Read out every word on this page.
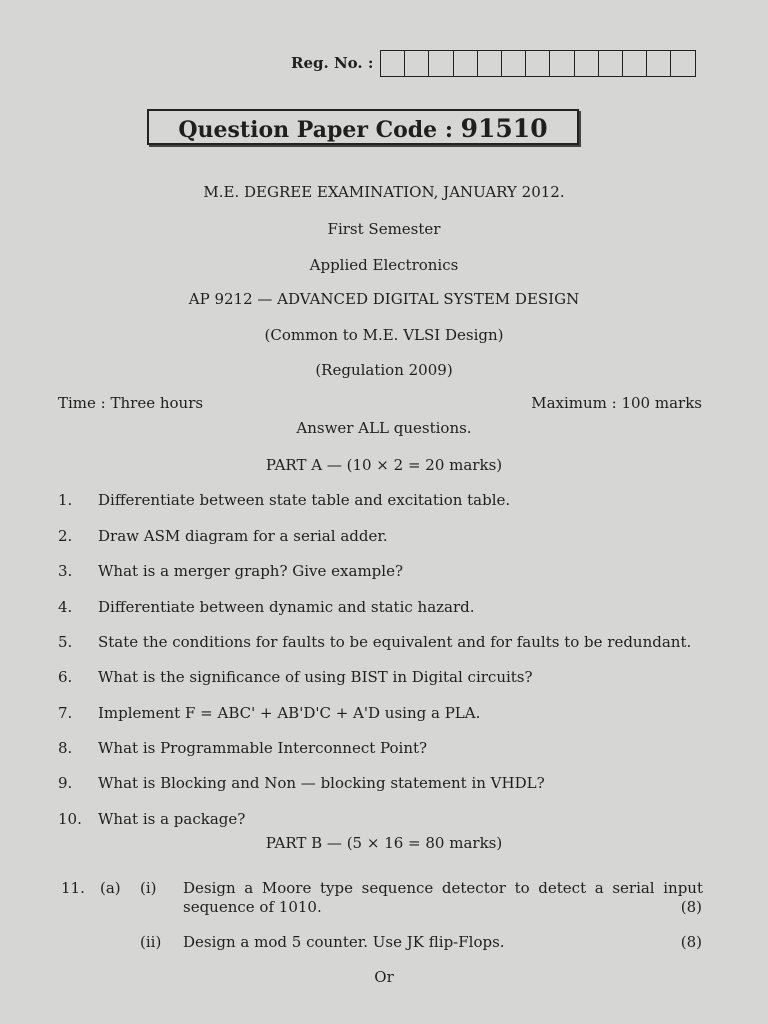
Reg. No. :
Question Paper Code : 91510
M.E. DEGREE EXAMINATION, JANUARY 2012.
First Semester
Applied Electronics
AP 9212 — ADVANCED DIGITAL SYSTEM DESIGN
(Common to M.E. VLSI Design)
(Regulation 2009)
Time : Three hours	Maximum : 100 marks
Answer ALL questions.
PART A — (10 × 2 = 20 marks)
1. Differentiate between state table and excitation table.
2. Draw ASM diagram for a serial adder.
3. What is a merger graph? Give example?
4. Differentiate between dynamic and static hazard.
5. State the conditions for faults to be equivalent and for faults to be redundant.
6. What is the significance of using BIST in Digital circuits?
7. Implement F = ABC' + AB'D'C + A'D using a PLA.
8. What is Programmable Interconnect Point?
9. What is Blocking and Non — blocking statement in VHDL?
10. What is a package?
PART B — (5 × 16 = 80 marks)
11. (a) (i) Design a Moore type sequence detector to detect a serial input
sequence of 1010.	(8)
(ii) Design a mod 5 counter. Use JK flip-Flops.	(8)
Or
